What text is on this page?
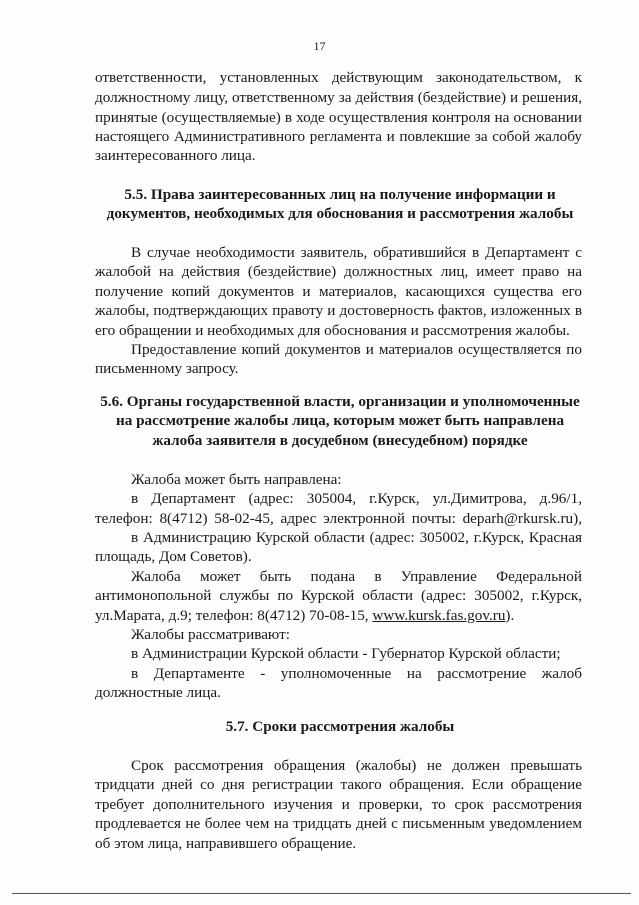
17
ответственности, установленных действующим законодательством, к
должностному лицу, ответственному за действия (бездействие) и решения,
принятые (осуществляемые) в ходе осуществления контроля на основании
настоящего Административного регламента и повлекшие за собой жалобу
заинтересованного лица.
5.5. Права заинтересованных лиц на получение информации и
документов, необходимых для обоснования и рассмотрения жалобы
В случае необходимости заявитель, обратившийся в Департамент с
жалобой на действия (бездействие) должностных лиц, имеет право на
получение копий документов и материалов, касающихся существа его
жалобы, подтверждающих правоту и достоверность фактов, изложенных в
его обращении и необходимых для обоснования и рассмотрения жалобы.
Предоставление копий документов и материалов осуществляется по
письменному запросу.
5.6. Органы государственной власти, организации и уполномоченные
на рассмотрение жалобы лица, которым может быть направлена
жалоба заявителя в досудебном (внесудебном) порядке
Жалоба может быть направлена:
в Департамент (адрес: 305004, г.Курск, ул.Димитрова, д.96/1,
телефон: 8(4712) 58-02-45, адрес электронной почты: deparh@rkursk.ru),
в Администрацию Курской области (адрес: 305002, г.Курск, Красная
площадь, Дом Советов).
Жалоба может быть подана в Управление Федеральной
антимонопольной службы по Курской области (адрес: 305002, г.Курск,
ул.Марата, д.9; телефон: 8(4712) 70-08-15, www.kursk.fas.gov.ru).
Жалобы рассматривают:
в Администрации Курской области - Губернатор Курской области;
в Департаменте - уполномоченные на рассмотрение жалоб
должностные лица.
5.7. Сроки рассмотрения жалобы
Срок рассмотрения обращения (жалобы) не должен превышать
тридцати дней со дня регистрации такого обращения. Если обращение
требует дополнительного изучения и проверки, то срок рассмотрения
продлевается не более чем на тридцать дней с письменным уведомлением
об этом лица, направившего обращение.
